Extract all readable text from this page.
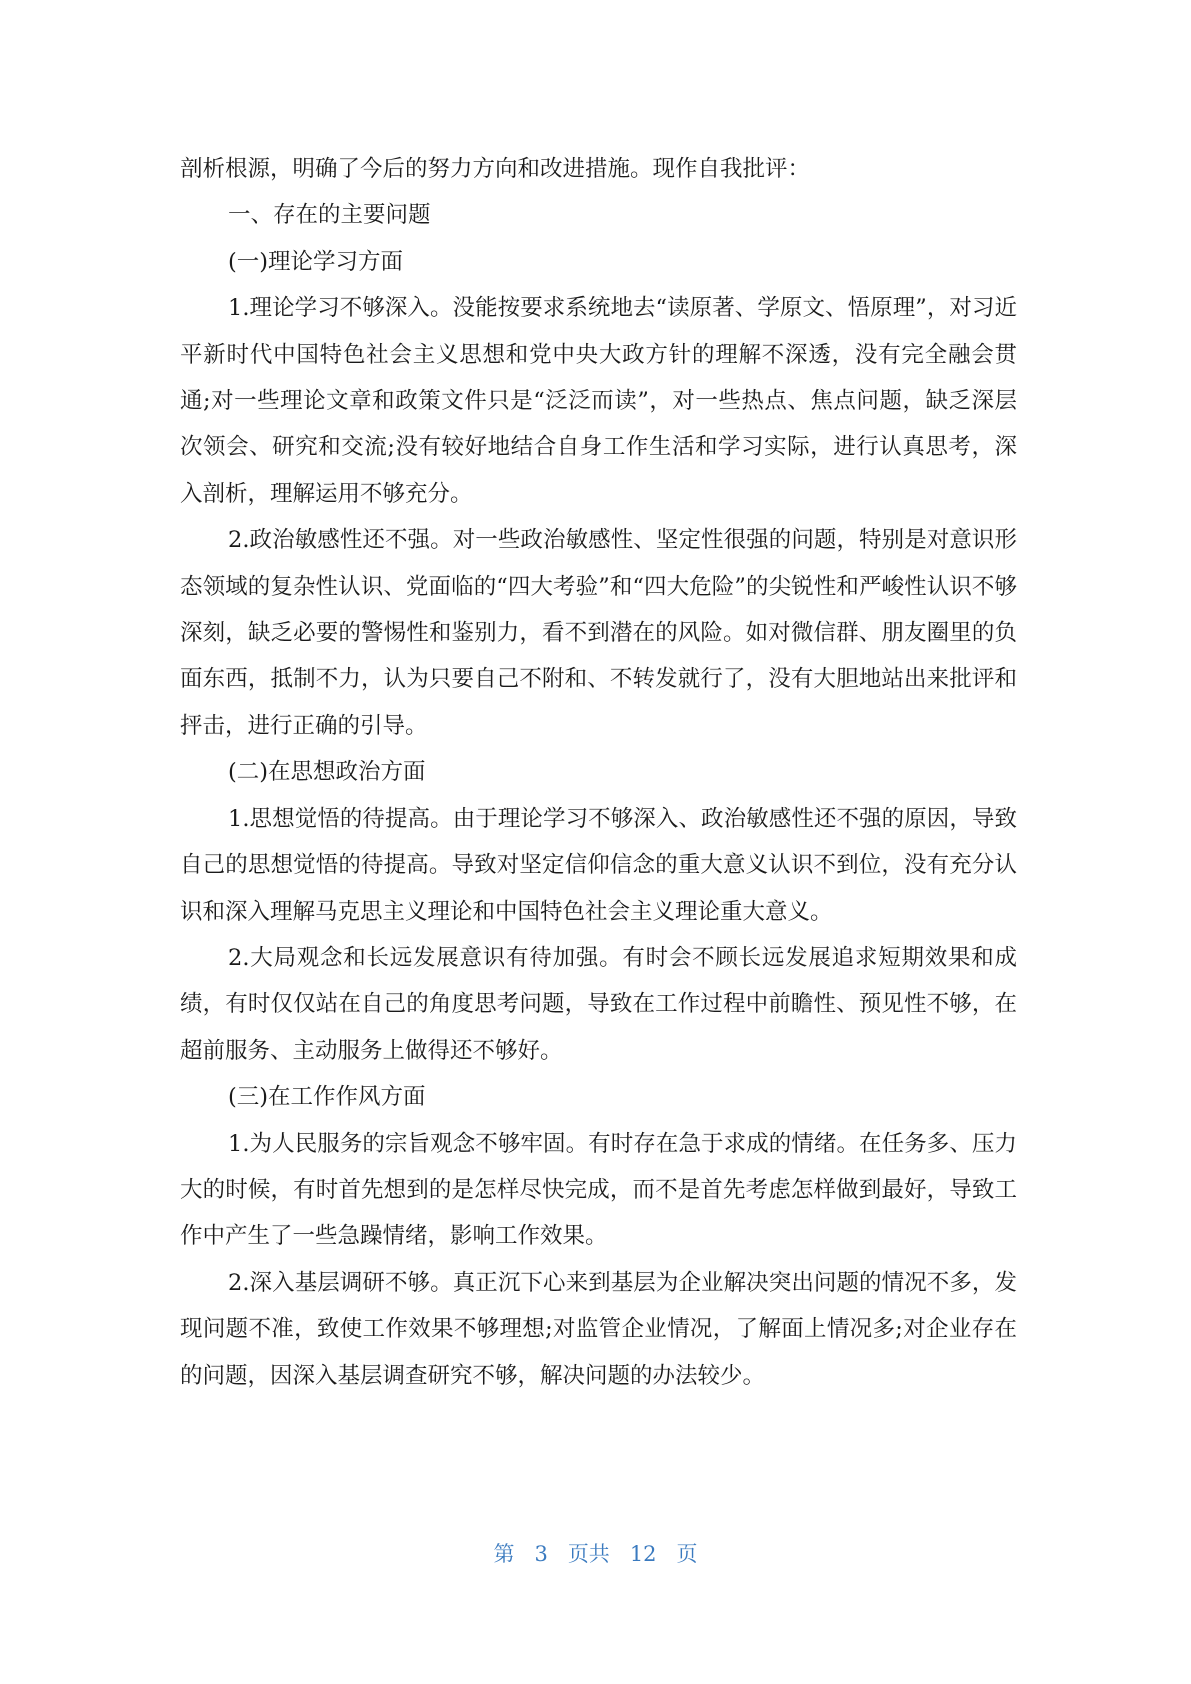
剖析根源，明确了今后的努力方向和改进措施。现作自我批评：

一、存在的主要问题

(一)理论学习方面

1.理论学习不够深入。没能按要求系统地去“读原著、学原文、悟原理”，对习近平新时代中国特色社会主义思想和党中央大政方针的理解不深透，没有完全融会贯通;对一些理论文章和政策文件只是“泛泛而读”，对一些热点、焦点问题，缺乏深层次领会、研究和交流;没有较好地结合自身工作生活和学习实际，进行认真思考，深入剖析，理解运用不够充分。

2.政治敏感性还不强。对一些政治敏感性、坚定性很强的问题，特别是对意识形态领域的复杂性认识、党面临的“四大考验”和“四大危险”的尖锐性和严峻性认识不够深刻，缺乏必要的警惕性和鉴别力，看不到潜在的风险。如对微信群、朋友圈里的负面东西，抵制不力，认为只要自己不附和、不转发就行了，没有大胆地站出来批评和抨击，进行正确的引导。

(二)在思想政治方面

1.思想觉悟的待提高。由于理论学习不够深入、政治敏感性还不强的原因，导致自己的思想觉悟的待提高。导致对坚定信仰信念的重大意义认识不到位，没有充分认识和深入理解马克思主义理论和中国特色社会主义理论重大意义。

2.大局观念和长远发展意识有待加强。有时会不顾长远发展追求短期效果和成绩，有时仅仅站在自己的角度思考问题，导致在工作过程中前瞻性、预见性不够，在超前服务、主动服务上做得还不够好。

(三)在工作作风方面

1.为人民服务的宗旨观念不够牢固。有时存在急于求成的情绪。在任务多、压力大的时候，有时首先想到的是怎样尽快完成，而不是首先考虑怎样做到最好，导致工作中产生了一些急躁情绪，影响工作效果。

2.深入基层调研不够。真正沉下心来到基层为企业解决突出问题的情况不多，发现问题不准，致使工作效果不够理想;对监管企业情况，了解面上情况多;对企业存在的问题，因深入基层调查研究不够，解决问题的办法较少。

第 3 页共 12 页
